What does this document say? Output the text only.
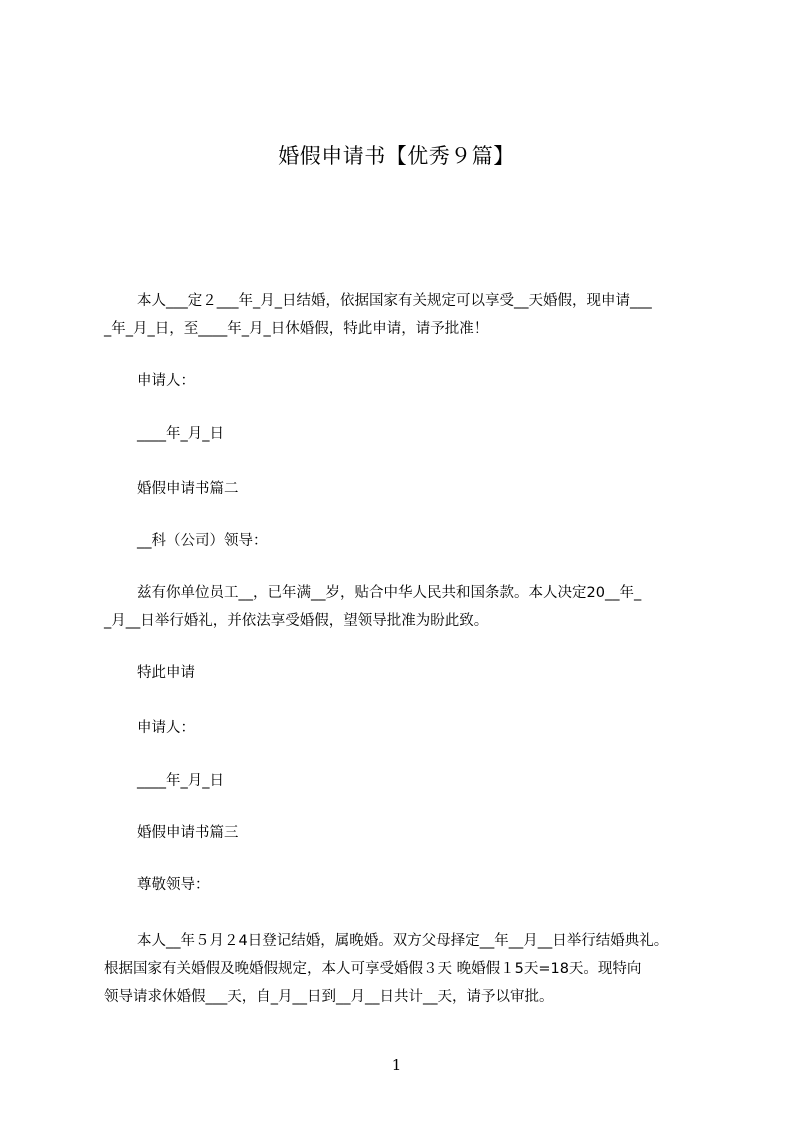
婚假申请书【优秀９篇】
本人___定２___年_月_日结婚，依据国家有关规定可以享受__天婚假，现申请___
_年_月_日，至____年_月_日休婚假，特此申请，请予批准！
申请人：
____年_月_日
婚假申请书篇二
__科（公司）领导：
兹有你单位员工__，已年满__岁，贴合中华人民共和国条款。本人决定20__年_
_月__日举行婚礼，并依法享受婚假，望领导批准为盼此致。
特此申请
申请人：
____年_月_日
婚假申请书篇三
尊敬领导：
本人__年５月２4日登记结婚，属晚婚。双方父母择定__年__月__日举行结婚典礼。
根据国家有关婚假及晚婚假规定，本人可享受婚假３天 晚婚假１5天=18天。现特向
领导请求休婚假___天，自_月__日到__月__日共计__天，请予以审批。
1
